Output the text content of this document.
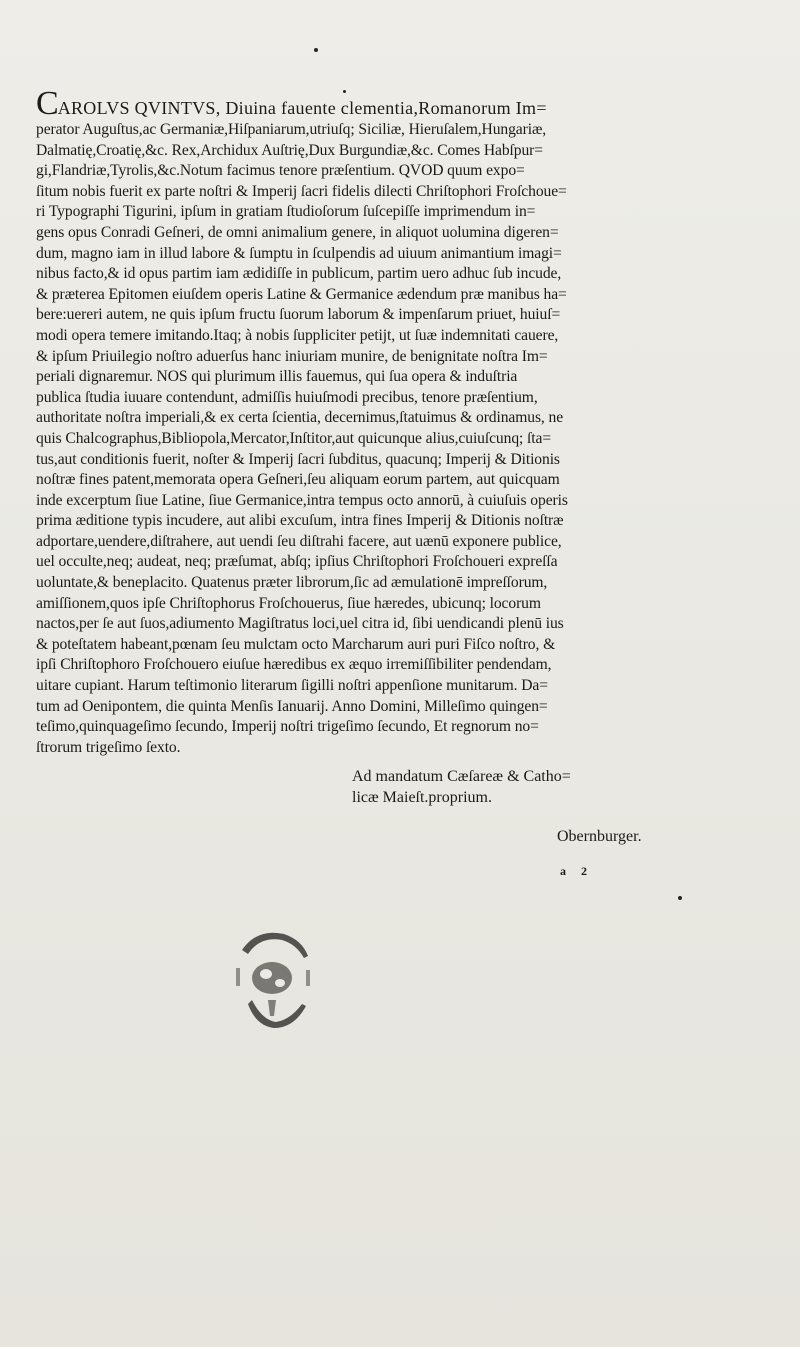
CAROLVS QVINTVS, Diuina fauente clementia,Romanorum Im=
perator Auguſtus,ac Germaniæ,Hiſpaniarum,utriuſq; Siciliæ, Hieruſalem,Hungariæ,
Dalmatię,Croatię,&c. Rex,Archidux Auſtrię,Dux Burgundiæ,&c. Comes Habſpur=
gi,Flandriæ,Tyrolis,&c.Notum facimus tenore præſentium. QVOD quum expo=
ſitum nobis fuerit ex parte noſtri & Imperij ſacri fidelis dilecti Chriſtophori Froſchoue=
ri Typographi Tigurini, ipſum in gratiam ſtudioſorum ſuſcepiſſe imprimendum in=
gens opus Conradi Geſneri, de omni animalium genere, in aliquot uolumina digeren=
dum, magno iam in illud labore & ſumptu in ſculpendis ad uiuum animantium imagi=
nibus facto,& id opus partim iam ædidiſſe in publicum, partim uero adhuc ſub incude,
& præterea Epitomen eiuſdem operis Latine & Germanice ædendum præ manibus ha=
bere:uereri autem, ne quis ipſum fructu ſuorum laborum & impenſarum priuet, huiuſ=
modi opera temere imitando.Itaq; à nobis ſuppliciter petijt, ut ſuæ indemnitati cauere,
& ipſum Priuilegio noſtro aduerſus hanc iniuriam munire, de benignitate noſtra Im=
periali dignaremur. NOS qui plurimum illis fauemus, qui ſua opera & induſtria
publica ſtudia iuuare contendunt, admiſſis huiuſmodi precibus, tenore præſentium,
authoritate noſtra imperiali,& ex certa ſcientia, decernimus,ſtatuimus & ordinamus, ne
quis Chalcographus,Bibliopola,Mercator,Inſtitor,aut quicunque alius,cuiuſcunq; ſta=
tus,aut conditionis fuerit, noſter & Imperij ſacri ſubditus, quacunq; Imperij & Ditionis
noſtræ fines patent,memorata opera Geſneri,ſeu aliquam eorum partem, aut quicquam
inde excerptum ſiue Latine, ſiue Germanice,intra tempus octo annorū, à cuiuſuis operis
prima æditione typis incudere, aut alibi excuſum, intra fines Imperij & Ditionis noſtræ
adportare,uendere,diſtrahere, aut uendi ſeu diſtrahi facere, aut uænū exponere publice,
uel occulte,neq; audeat, neq; præſumat, abſq; ipſius Chriſtophori Froſchoueri expreſſa
uoluntate,& beneplacito. Quatenus præter librorum,ſic ad æmulationē impreſſorum,
amiſſionem,quos ipſe Chriſtophorus Froſchouerus, ſiue hæredes, ubicunq; locorum
nactos,per ſe aut ſuos,adiumento Magiſtratus loci,uel citra id, ſibi uendicandi plenū ius
& poteſtatem habeant,pœnam ſeu mulctam octo Marcharum auri puri Fiſco noſtro, &
ipſi Chriſtophoro Froſchouero eiuſue hæredibus ex æquo irremiſſibiliter pendendam,
uitare cupiant. Harum teſtimonio literarum ſigilli noſtri appenſione munitarum. Da=
tum ad Oenipontem, die quinta Menſis Ianuarij. Anno Domini, Milleſimo quingen=
teſimo,quinquageſimo ſecundo, Imperij noſtri trigeſimo ſecundo, Et regnorum no=
ſtrorum trigeſimo ſexto.
Ad mandatum Cæſareæ & Catho=
licæ Maieſt.proprium.
Obernburger.
a 2
